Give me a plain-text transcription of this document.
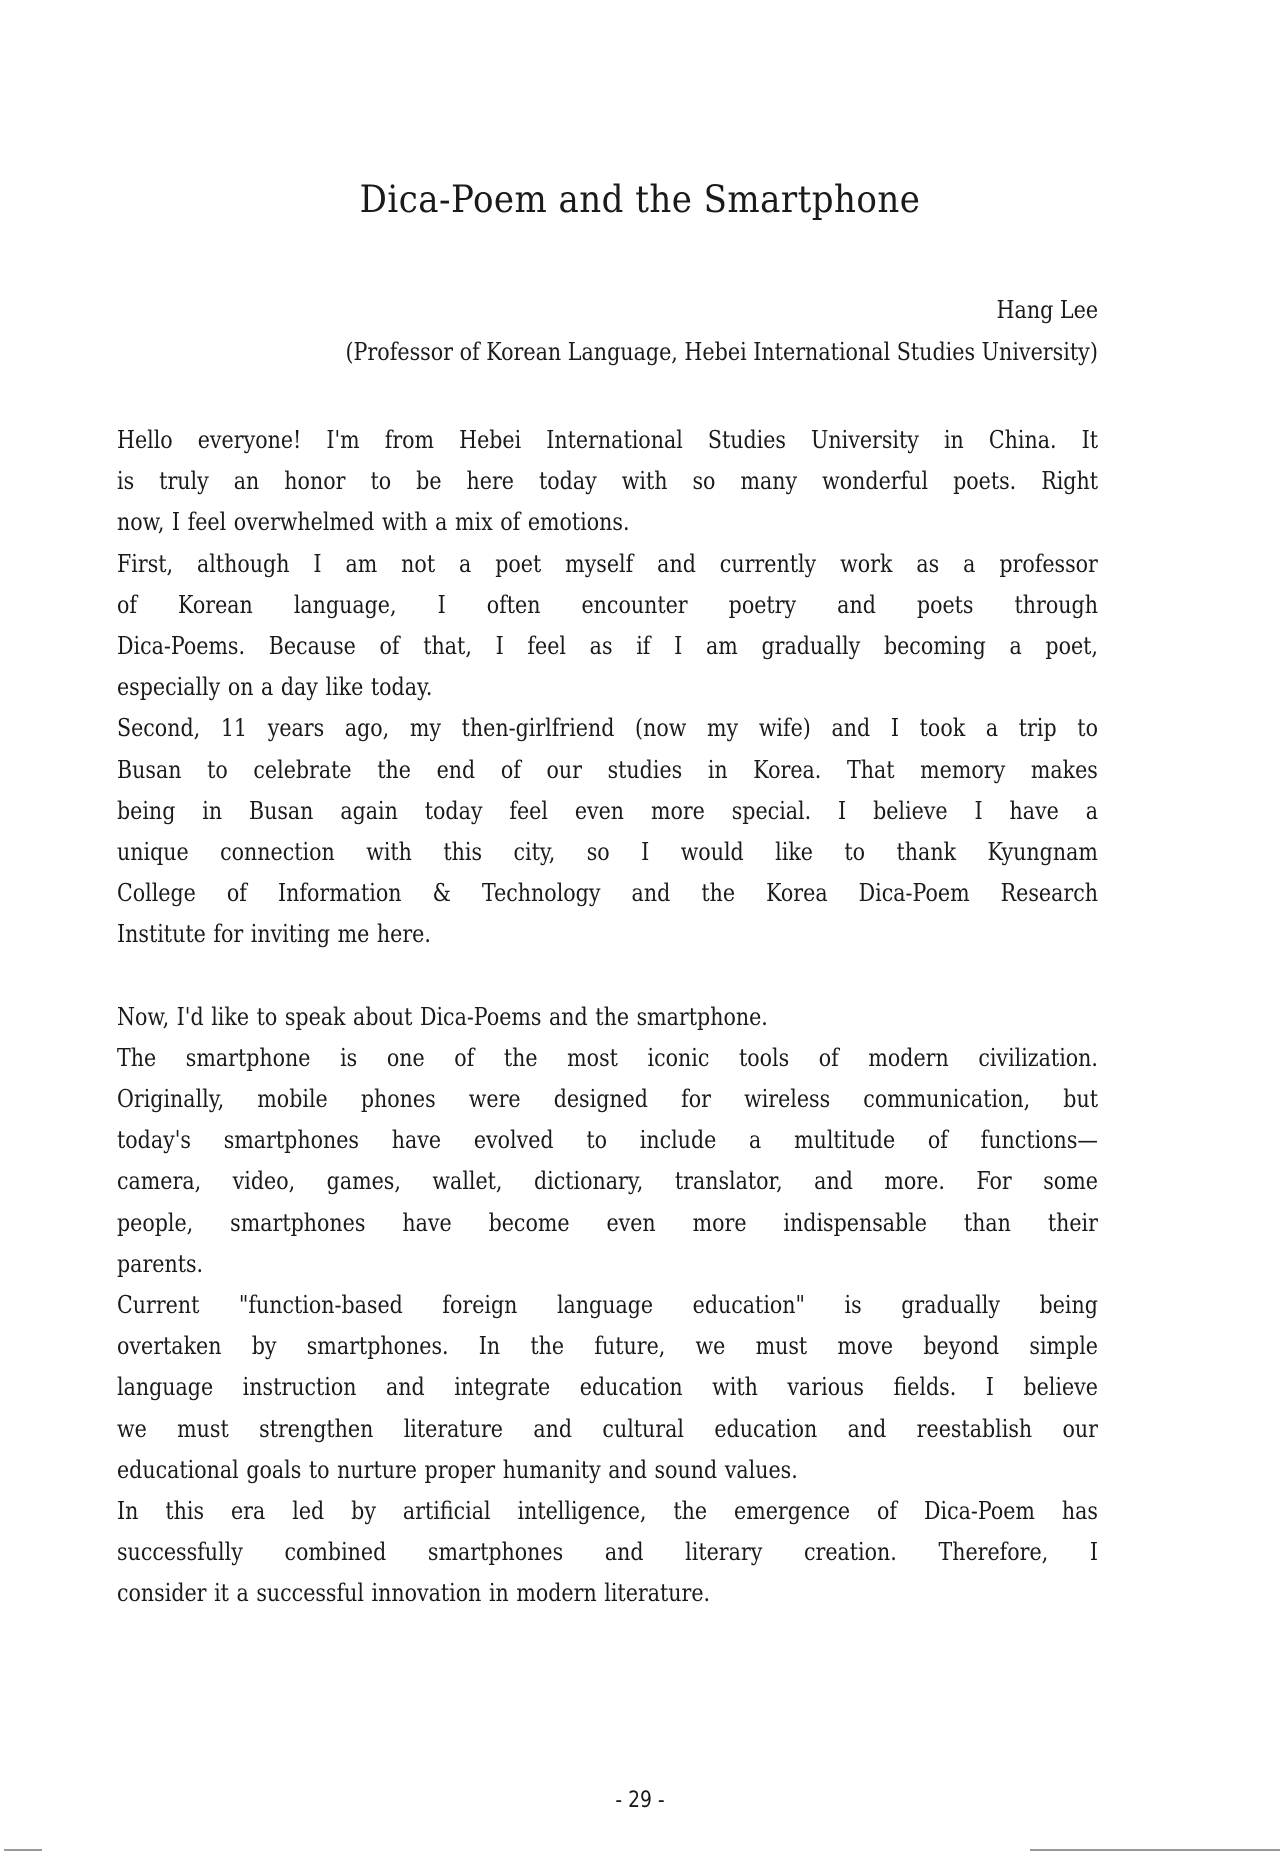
Dica-Poem and the Smartphone
Hang Lee
(Professor of Korean Language, Hebei International Studies University)
Hello everyone! I'm from Hebei International Studies University in China. It
is truly an honor to be here today with so many wonderful poets. Right
now, I feel overwhelmed with a mix of emotions.
First, although I am not a poet myself and currently work as a professor
of Korean language, I often encounter poetry and poets through
Dica-Poems. Because of that, I feel as if I am gradually becoming a poet,
especially on a day like today.
Second, 11 years ago, my then-girlfriend (now my wife) and I took a trip to
Busan to celebrate the end of our studies in Korea. That memory makes
being in Busan again today feel even more special. I believe I have a
unique connection with this city, so I would like to thank Kyungnam
College of Information & Technology and the Korea Dica-Poem Research
Institute for inviting me here.
Now, I'd like to speak about Dica-Poems and the smartphone.
The smartphone is one of the most iconic tools of modern civilization.
Originally, mobile phones were designed for wireless communication, but
today's smartphones have evolved to include a multitude of functions—
camera, video, games, wallet, dictionary, translator, and more. For some
people, smartphones have become even more indispensable than their
parents.
Current "function-based foreign language education" is gradually being
overtaken by smartphones. In the future, we must move beyond simple
language instruction and integrate education with various fields. I believe
we must strengthen literature and cultural education and reestablish our
educational goals to nurture proper humanity and sound values.
In this era led by artificial intelligence, the emergence of Dica-Poem has
successfully combined smartphones and literary creation. Therefore, I
consider it a successful innovation in modern literature.
- 29 -
